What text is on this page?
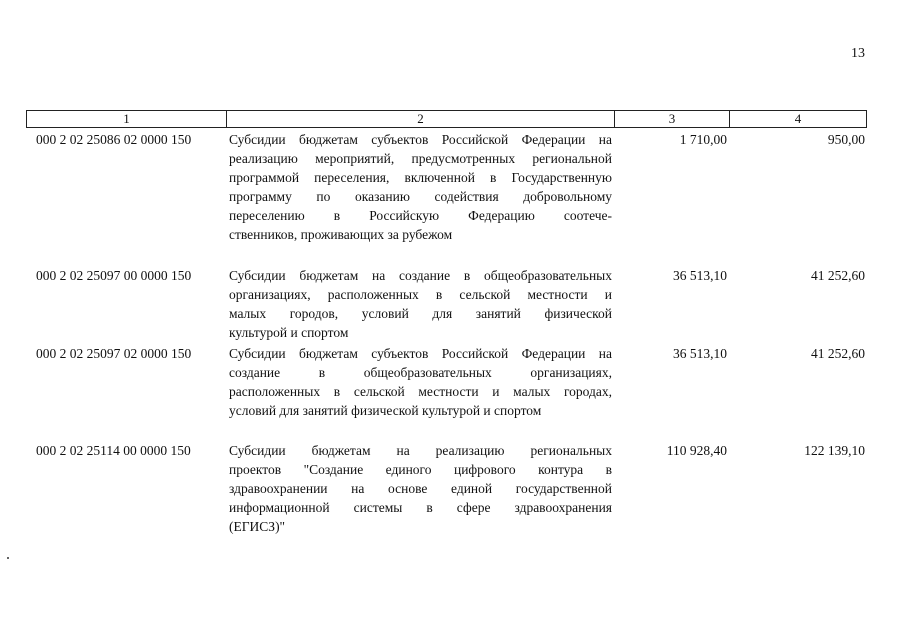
13
1	2	3	4
000 2 02 25086 02 0000 150	Субсидии бюджетам субъектов Российской Федерации на
реализацию мероприятий, предусмотренных региональной
программой переселения, включенной в Государственную
программу по оказанию содействия добровольному
переселению в Российскую Федерацию соотече-
ственников, проживающих за рубежом
1 710,00	950,00
000 2 02 25097 00 0000 150	Субсидии бюджетам на создание в общеобразовательных
организациях, расположенных в сельской местности и
малых городов, условий для занятий физической
культурой и спортом
36 513,10	41 252,60
000 2 02 25097 02 0000 150	Субсидии бюджетам субъектов Российской Федерации на
создание в общеобразовательных организациях,
расположенных в сельской местности и малых городах,
условий для занятий физической культурой и спортом
36 513,10	41 252,60
000 2 02 25114 00 0000 150	Субсидии бюджетам на реализацию региональных
проектов "Создание единого цифрового контура в
здравоохранении на основе единой государственной
информационной системы в сфере здравоохранения
(ЕГИСЗ)"
110 928,40	122 139,10
